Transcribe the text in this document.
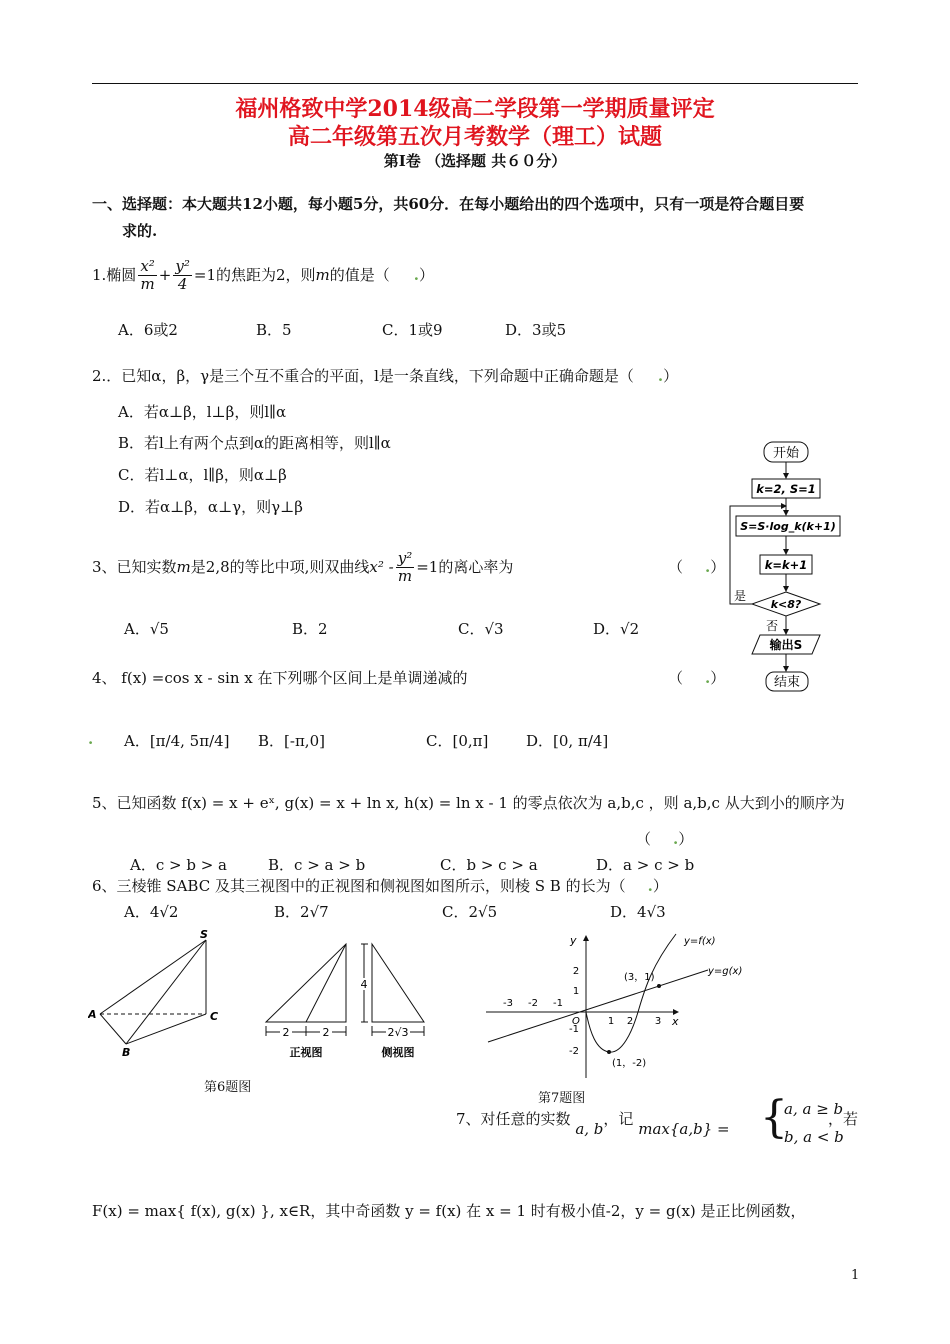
福州格致中学2014级高二学段第一学期质量评定
高二年级第五次月考数学（理工）试题
第Ⅰ卷 （选择题 共６０分）
一、选择题：本大题共12小题，每小题5分，共60分．在每小题给出的四个选项中，只有一项是符合题目要
求的.
1.椭圆 $\frac{\text{x²}}{m} + \frac{\text{y²}}{4} =1$的焦距为2，则m的值是（ .）
A．6或2	B．5	C．1或9	D．3或5
2.．已知α，β，γ是三个互不重合的平面，l是一条直线，下列命题中正确命题是（ .）
A．若α⊥β，l⊥β，则l∥α
B．若l上有两个点到α的距离相等，则l∥α
C．若l⊥α，l∥β，则α⊥β
D．若α⊥β，α⊥γ，则γ⊥β
开始
k=2, S=1
S=S·log_k(k+1)
k=k+1
k<8?
是
否
输出S
结束
3、已知实数m是2,8的等比中项,则双曲线$x^2 - \frac{\text{y²}}{m} =1$的离心率为	（ .）
A．√5	B．2	C．√3	D．√2
4、 f(x) =cos x - sin x 在下列哪个区间上是单调递减的	（ .）
. A．[π/4, 5π/4] B．[-π,0]	C．[0,π]	D．[0, π/4]
5、已知函数 f(x) = x + eˣ, g(x) = x + ln x, h(x) = ln x - 1 的零点依次为 a,b,c ，则 a,b,c 从大到小的顺序为
（ .）
A．c > b > a	B．c > a > b	C．b > c > a	D．a > c > b
6、三棱锥 SABC 及其三视图中的正视图和侧视图如图所示，则棱 S B 的长为（ .）
A．4√2	B．2√7	C．2√5	D．4√3
S
A
B
C
2	2
正视图
4
2√3
侧视图
第6题图
x
y
O
-3 -2 -1
1 2 3
2
1
-1
-2
(3，1)
(1，-2)
y=f(x)
y=g(x)
第7题图
7、对任意的实数 a, b，记 max{a,b} = {
a, a ≥ b
b, a < b
，若
F(x) = max{ f(x), g(x) }, x∈R，其中奇函数 y = f(x) 在 x = 1 时有极小值-2，y = g(x) 是正比例函数，
1
